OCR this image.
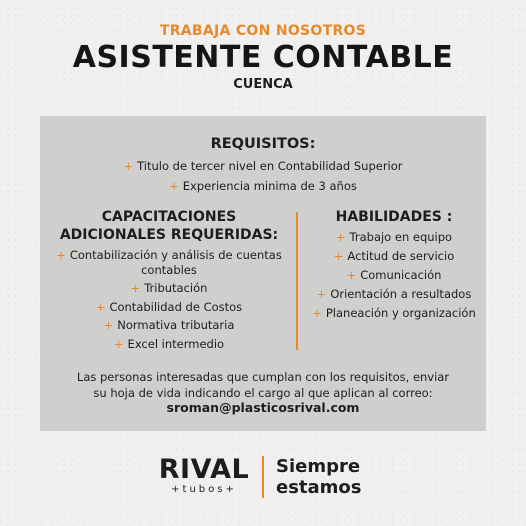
TRABAJA CON NOSOTROS
ASISTENTE CONTABLE
CUENCA
REQUISITOS:
+ Titulo de tercer nivel en Contabilidad Superior
+ Experiencia minima de 3 años
CAPACITACIONES
ADICIONALES REQUERIDAS:
+ Contabilización y análisis de cuentas contables
+ Tributación
+ Contabilidad de Costos
+ Normativa tributaria
+ Excel intermedio
HABILIDADES :
+ Trabajo en equipo
+ Actitud de servicio
+ Comunicación
+ Orientación a resultados
+ Planeación y organización
Las personas interesadas que cumplan con los requisitos, enviar
su hoja de vida indicando el cargo al que aplican al correo:
sroman@plasticosrival.com
RIVAL
+tubos+
Siempre
estamos
